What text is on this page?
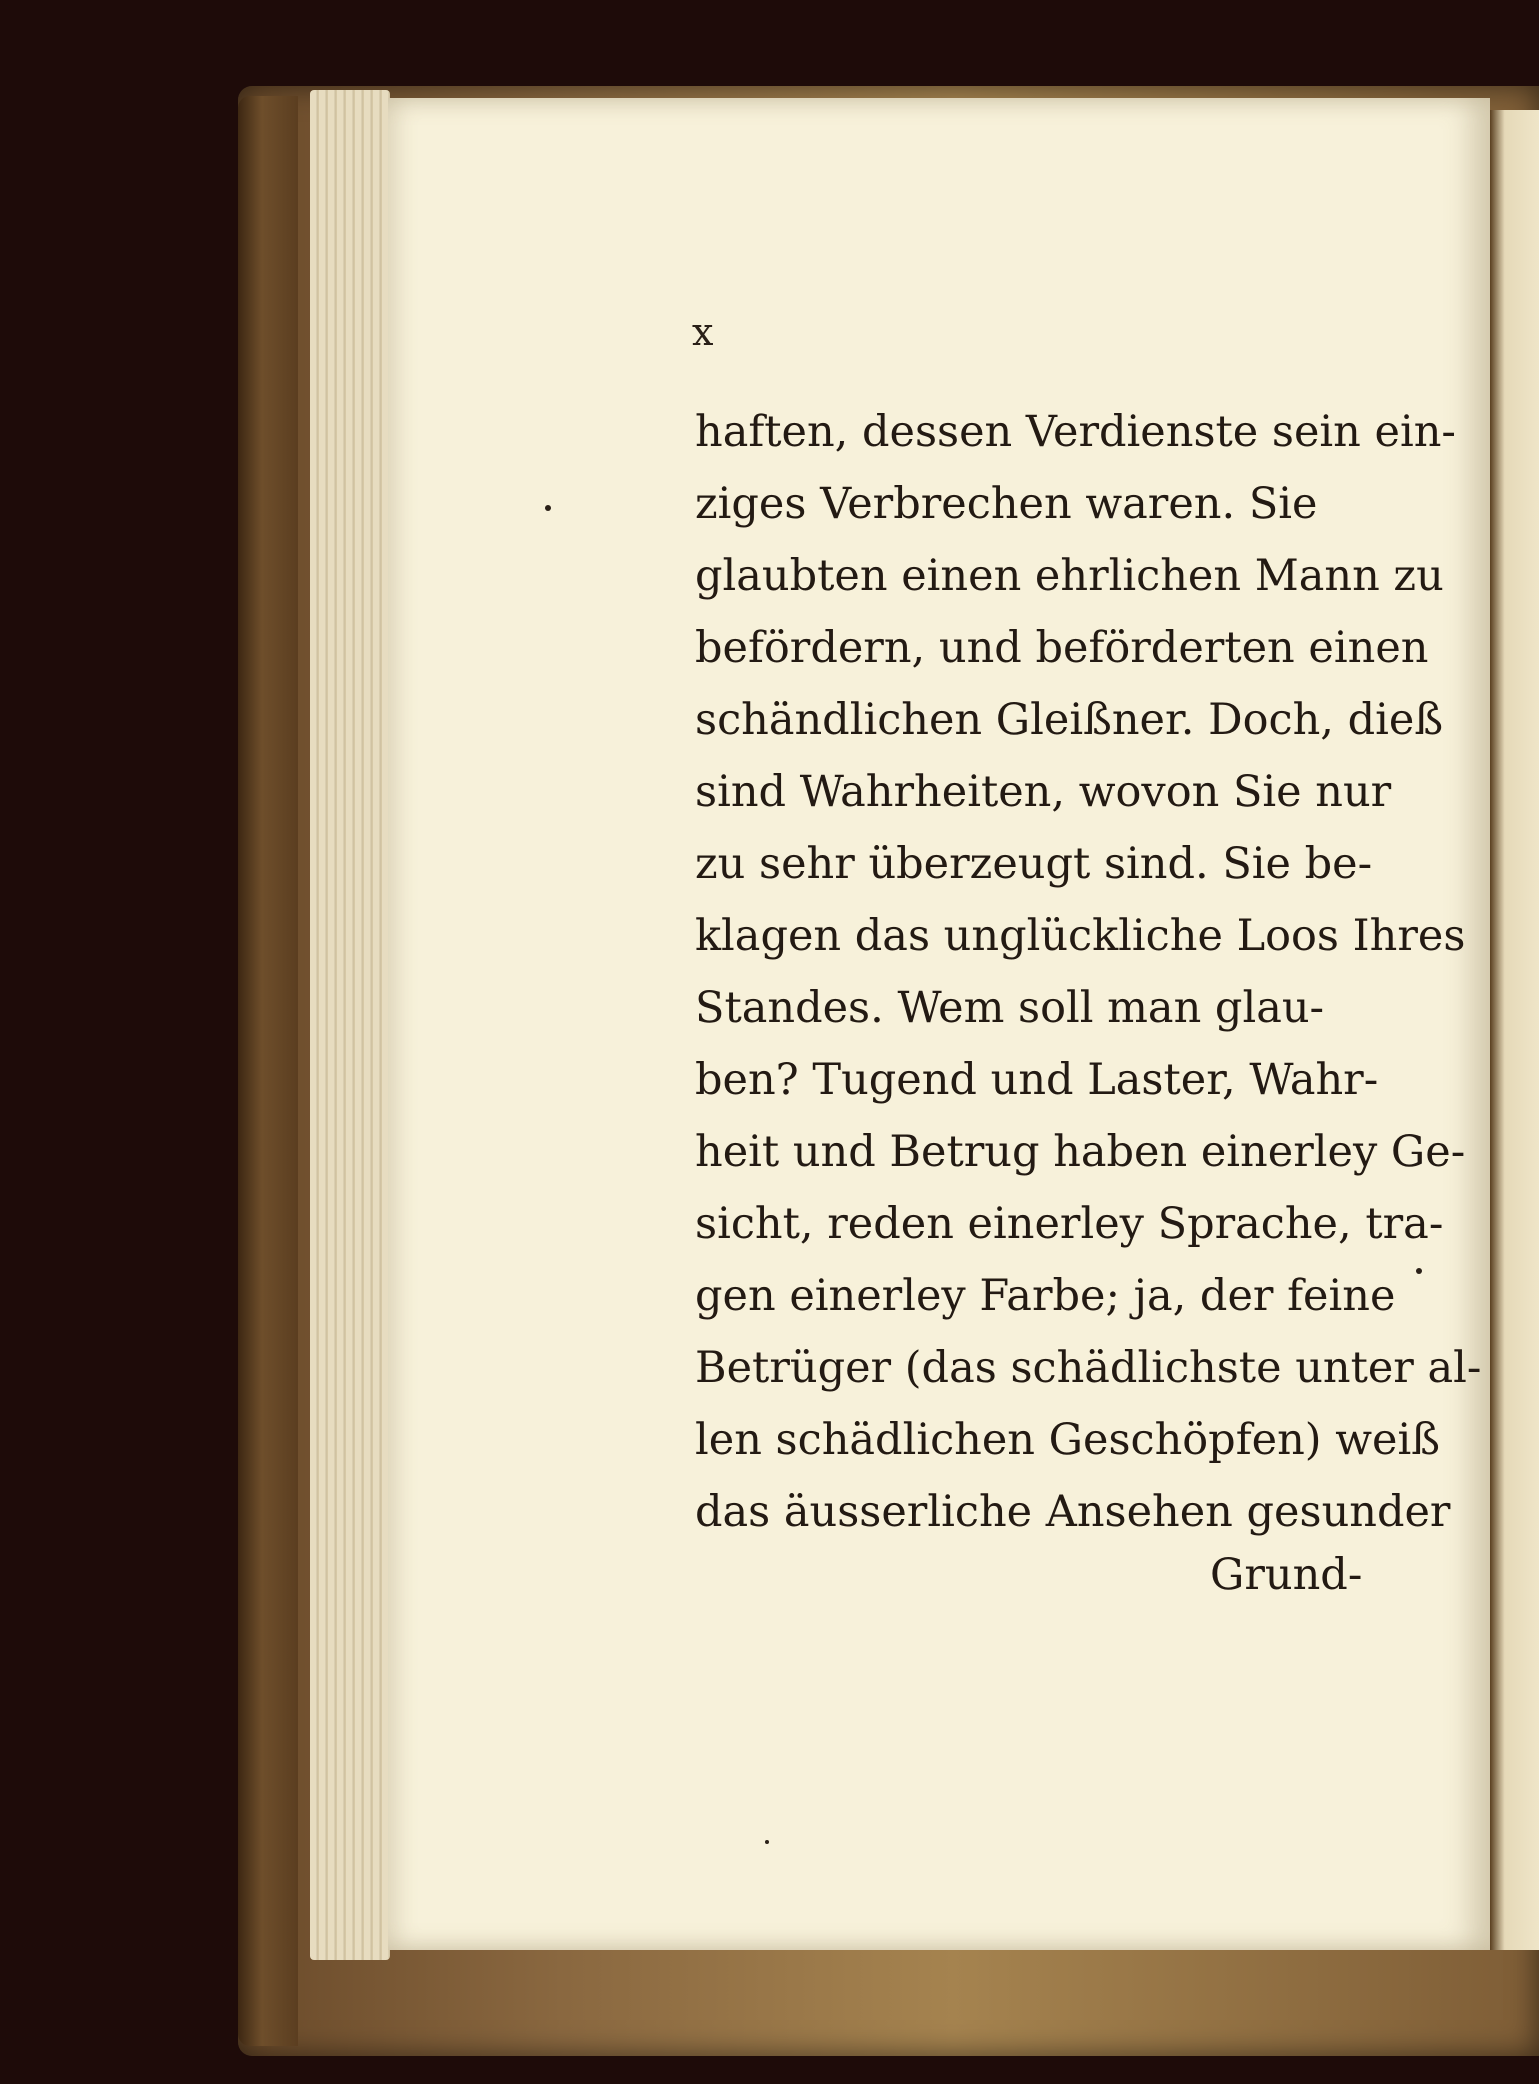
x
haften, dessen Verdienste sein ein-
ziges Verbrechen waren. Sie
glaubten einen ehrlichen Mann zu
befördern, und beförderten einen
schändlichen Gleißner. Doch, dieß
sind Wahrheiten, wovon Sie nur
zu sehr überzeugt sind. Sie be-
klagen das unglückliche Loos Ihres
Standes. Wem soll man glau-
ben? Tugend und Laster, Wahr-
heit und Betrug haben einerley Ge-
sicht, reden einerley Sprache, tra-
gen einerley Farbe; ja, der feine
Betrüger (das schädlichste unter al-
len schädlichen Geschöpfen) weiß
das äusserliche Ansehen gesunder
Grund-
